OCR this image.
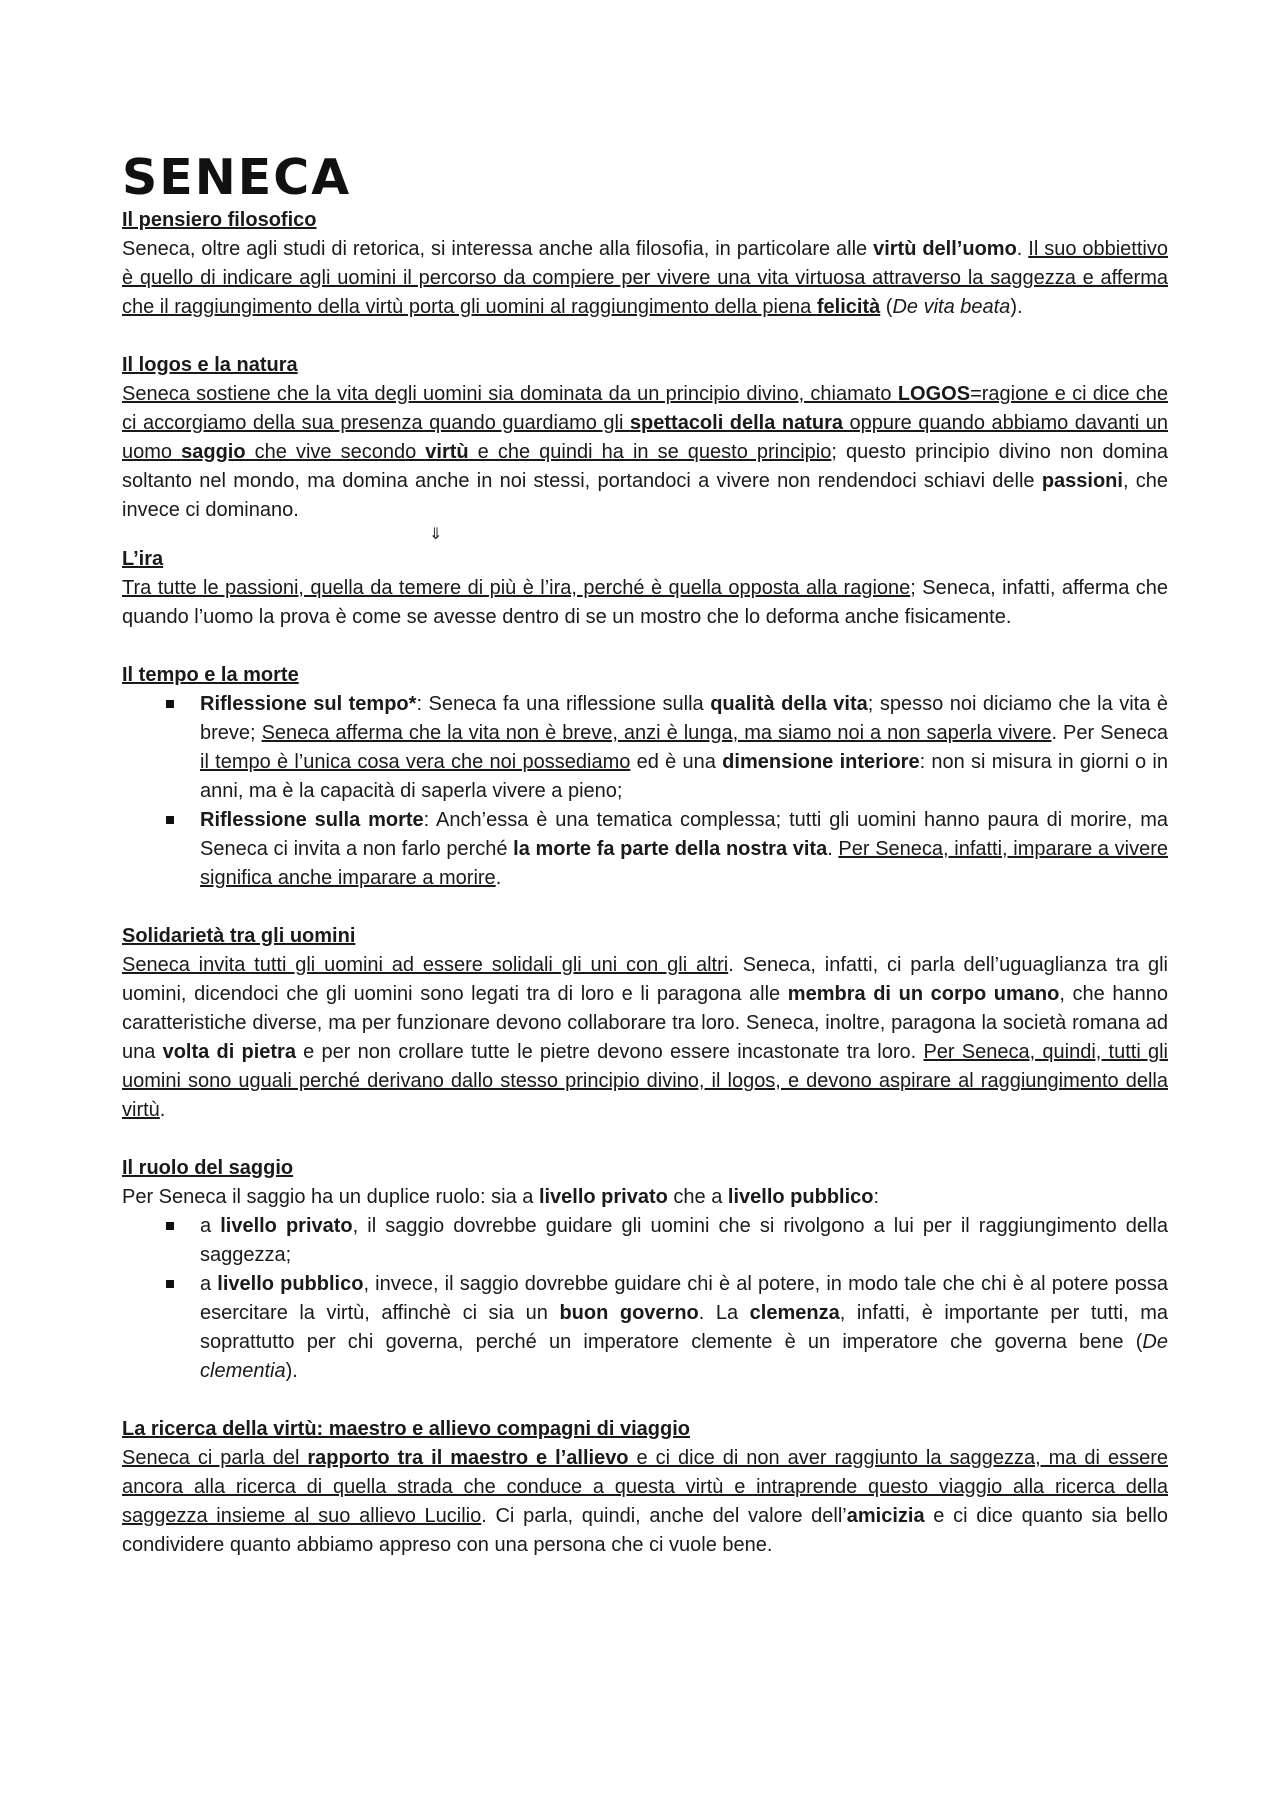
SENECA
Il pensiero filosofico

Seneca, oltre agli studi di retorica, si interessa anche alla filosofia, in particolare alle virtù dell’uomo. Il suo obbiettivo è quello di indicare agli uomini il percorso da compiere per vivere una vita virtuosa attraverso la saggezza e afferma che il raggiungimento della virtù porta gli uomini al raggiungimento della piena felicità (De vita beata).

Il logos e la natura

Seneca sostiene che la vita degli uomini sia dominata da un principio divino, chiamato LOGOS=ragione e ci dice che ci accorgiamo della sua presenza quando guardiamo gli spettacoli della natura oppure quando abbiamo davanti un uomo saggio che vive secondo virtù e che quindi ha in se questo principio; questo principio divino non domina soltanto nel mondo, ma domina anche in noi stessi, portandoci a vivere non rendendoci schiavi delle passioni, che invece ci dominano.

⇓
L’ira

Tra tutte le passioni, quella da temere di più è l’ira, perché è quella opposta alla ragione; Seneca, infatti, afferma che quando l’uomo la prova è come se avesse dentro di se un mostro che lo deforma anche fisicamente.

Il tempo e la morte
Riflessione sul tempo*: Seneca fa una riflessione sulla qualità della vita; spesso noi diciamo che la vita è breve; Seneca afferma che la vita non è breve, anzi è lunga, ma siamo noi a non saperla vivere. Per Seneca il tempo è l’unica cosa vera che noi possediamo ed è una dimensione interiore: non si misura in giorni o in anni, ma è la capacità di saperla vivere a pieno;
Riflessione sulla morte: Anch’essa è una tematica complessa; tutti gli uomini hanno paura di morire, ma Seneca ci invita a non farlo perché la morte fa parte della nostra vita. Per Seneca, infatti, imparare a vivere significa anche imparare a morire.
Solidarietà tra gli uomini

Seneca invita tutti gli uomini ad essere solidali gli uni con gli altri. Seneca, infatti, ci parla dell’uguaglianza tra gli uomini, dicendoci che gli uomini sono legati tra di loro e li paragona alle membra di un corpo umano, che hanno caratteristiche diverse, ma per funzionare devono collaborare tra loro. Seneca, inoltre, paragona la società romana ad una volta di pietra e per non crollare tutte le pietre devono essere incastonate tra loro. Per Seneca, quindi, tutti gli uomini sono uguali perché derivano dallo stesso principio divino, il logos, e devono aspirare al raggiungimento della virtù.

Il ruolo del saggio

Per Seneca il saggio ha un duplice ruolo: sia a livello privato che a livello pubblico:

a livello privato, il saggio dovrebbe guidare gli uomini che si rivolgono a lui per il raggiungimento della saggezza;
a livello pubblico, invece, il saggio dovrebbe guidare chi è al potere, in modo tale che chi è al potere possa esercitare la virtù, affinchè ci sia un buon governo. La clemenza, infatti, è importante per tutti, ma soprattutto per chi governa, perché un imperatore clemente è un imperatore che governa bene (De clementia).
La ricerca della virtù: maestro e allievo compagni di viaggio

Seneca ci parla del rapporto tra il maestro e l’allievo e ci dice di non aver raggiunto la saggezza, ma di essere ancora alla ricerca di quella strada che conduce a questa virtù e intraprende questo viaggio alla ricerca della saggezza insieme al suo allievo Lucilio. Ci parla, quindi, anche del valore dell’amicizia e ci dice quanto sia bello condividere quanto abbiamo appreso con una persona che ci vuole bene.
